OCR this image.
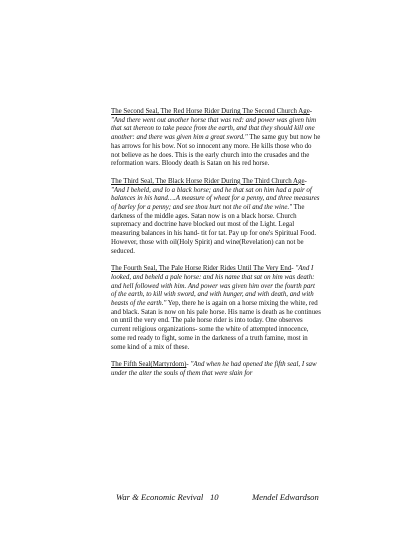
The Second Seal, The Red Horse Rider During The Second Church Age- "And there went out another horse that was red: and power was given him that sat thereon to take peace from the earth, and that they should kill one another: and there was given him a great sword." The same guy but now he has arrows for his bow. Not so innocent any more. He kills those who do not believe as he does. This is the early church into the crusades and the reformation wars. Bloody death is Satan on his red horse.

The Third Seal, The Black Horse Rider During The Third Church Age- "And I beheld, and lo a black horse; and he that sat on him had a pair of balances in his hand….A measure of wheat for a penny, and three measures of barley for a penny; and see thou hurt not the oil and the wine." The darkness of the middle ages. Satan now is on a black horse. Church supremacy and doctrine have blocked out most of the Light. Legal measuring balances in his hand- tit for tat. Pay up for one's Spiritual Food. However, those with oil(Holy Spirit) and wine(Revelation) can not be seduced.

The Fourth Seal, The Pale Horse Rider Rides Until The Very End- "And I looked, and beheld a pale horse: and his name that sat on him was death: and hell followed with him. And power was given him over the fourth part of the earth, to kill with sword, and with hunger, and with death, and with beasts of the earth." Yep, there he is again on a horse mixing the white, red and black. Satan is now on his pale horse. His name is death as he continues on until the very end. The pale horse rider is into today. One observes current religious organizations- some the white of attempted innocence, some red ready to fight, some in the darkness of a truth famine, most in some kind of a mix of these.

The Fifth Seal(Martyrdom)- "And when he had opened the fifth seal, I saw under the alter the souls of them that were slain for

War & Economic Revival 10	Mendel Edwardson
